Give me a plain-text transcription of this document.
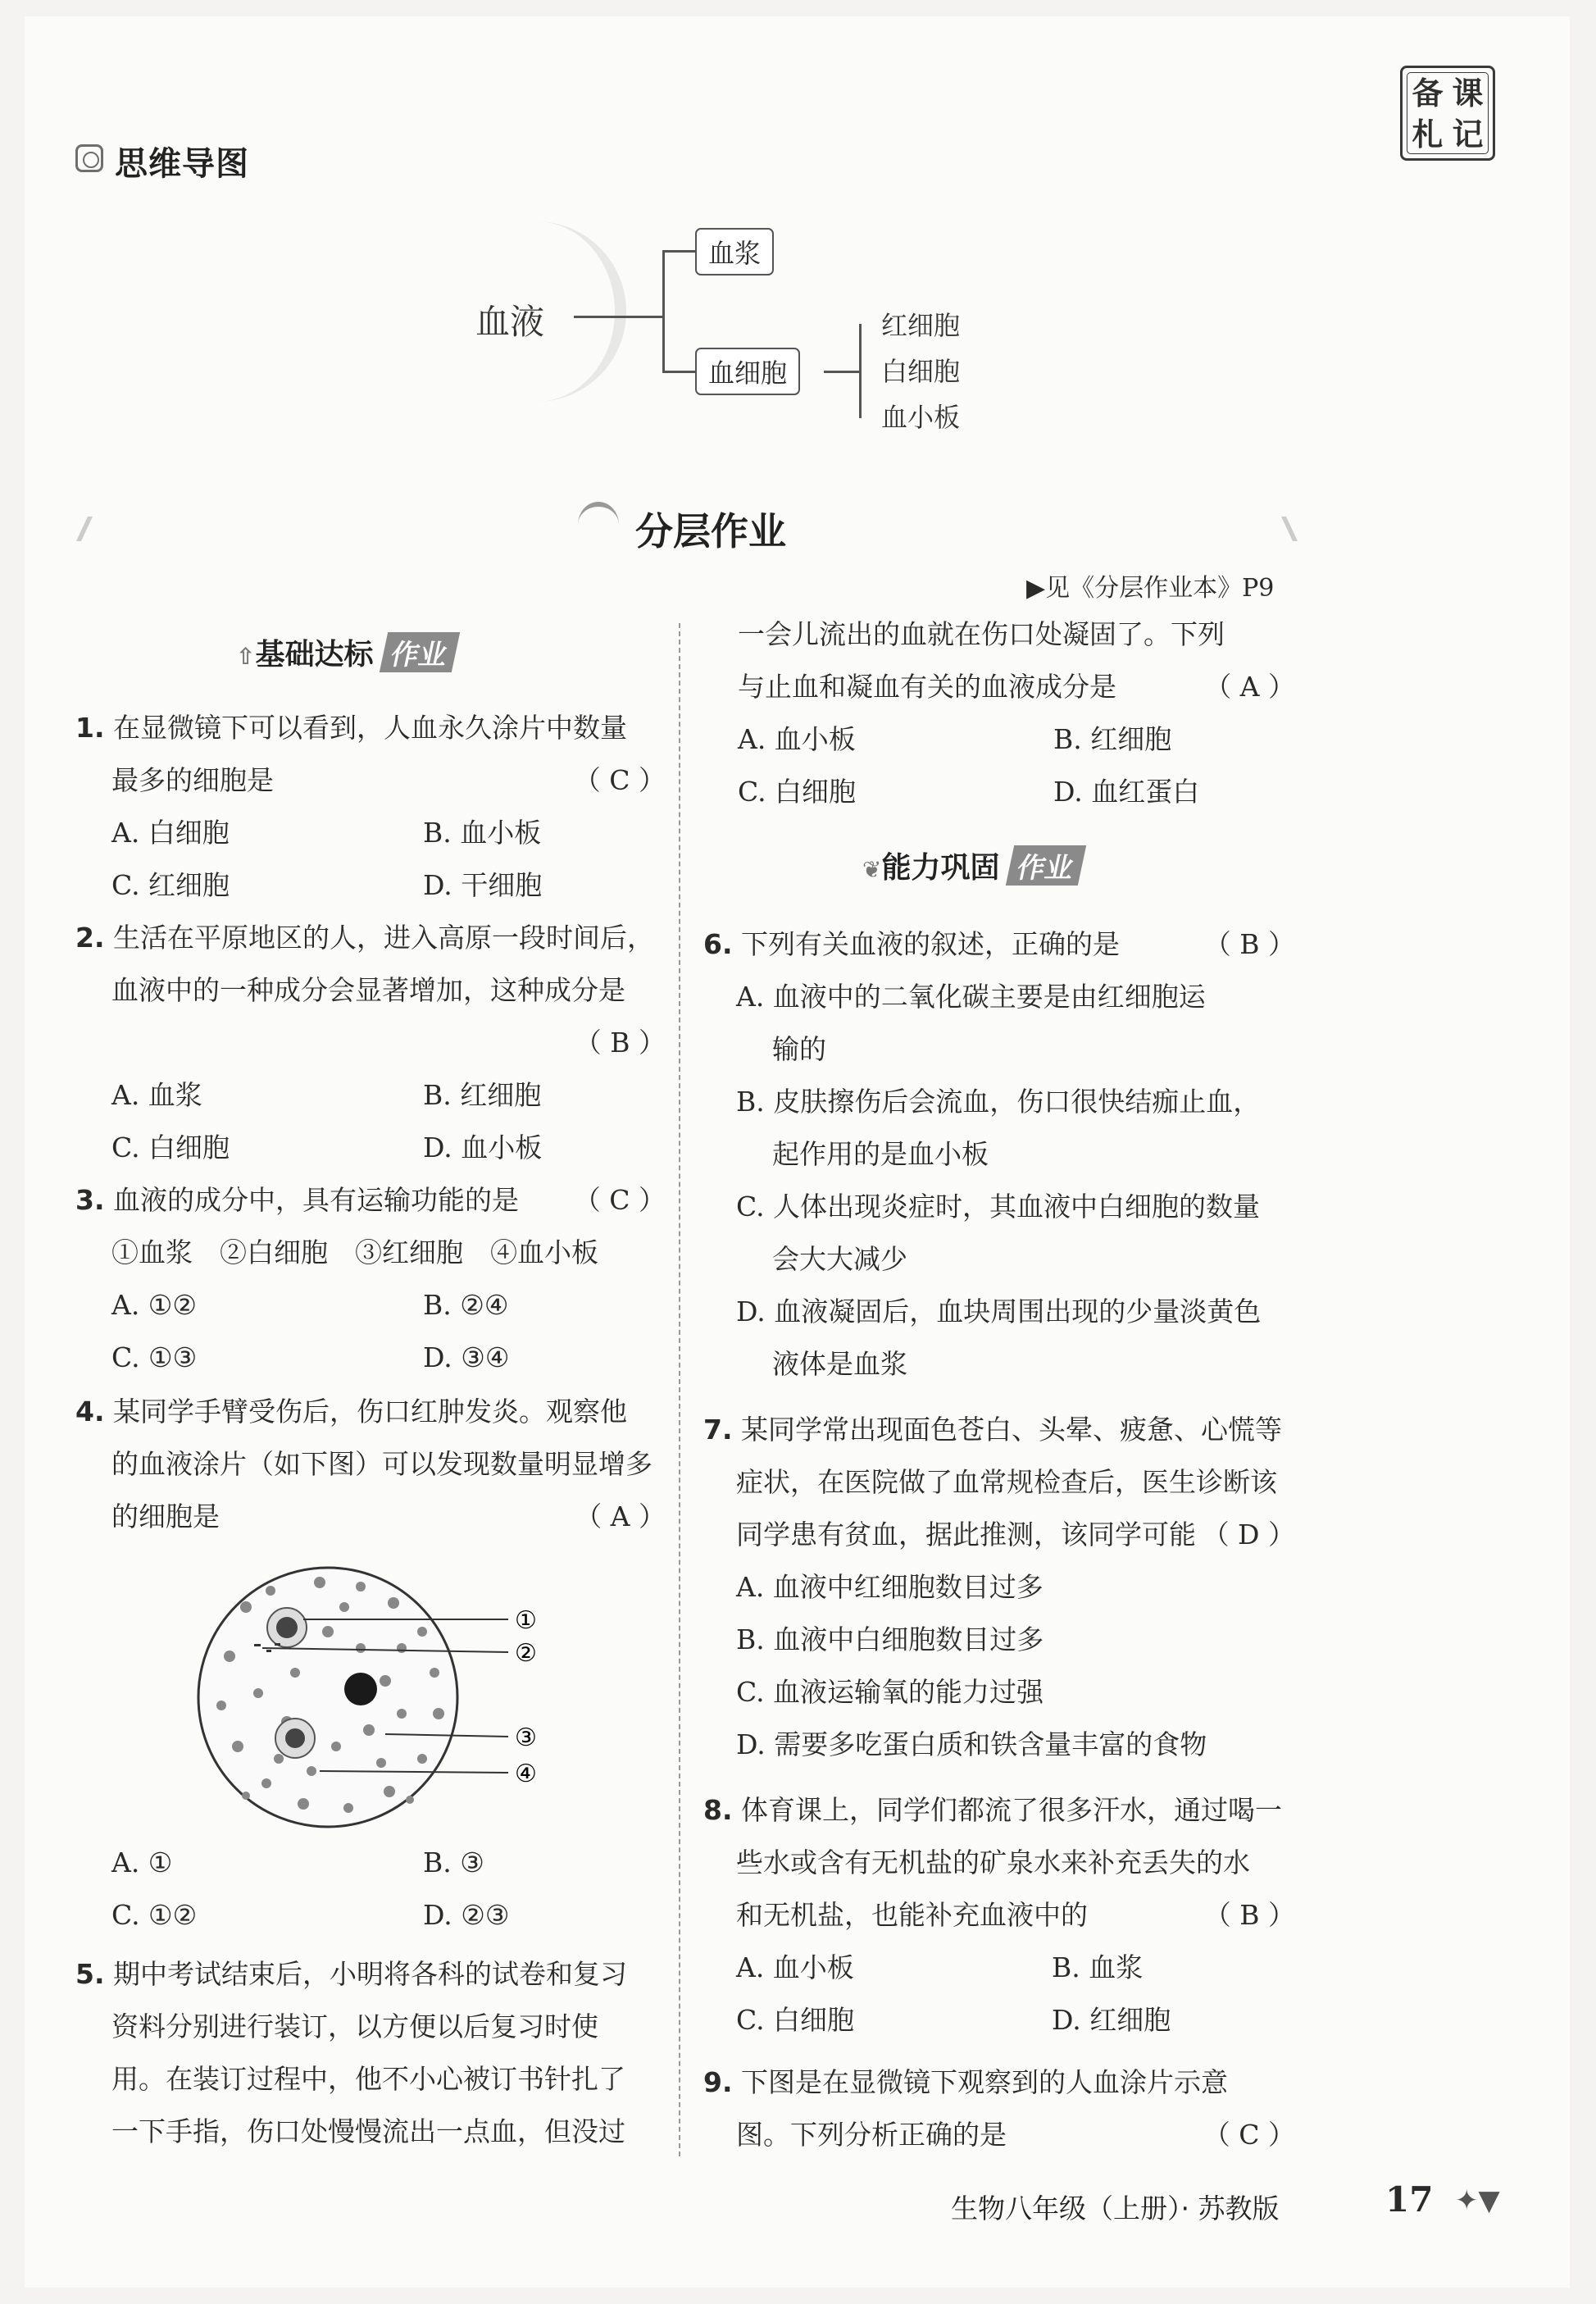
思维导图
备 课
札 记
血液
血浆
血细胞
红细胞
白细胞
血小板
分层作业
▶见《分层作业本》P9
⇧基础达标 作业
1. 在显微镜下可以看到，人血永久涂片中数量
最多的细胞是	（ C ）
A. 白细胞	B. 血小板
C. 红细胞	D. 干细胞
2. 生活在平原地区的人，进入高原一段时间后，
血液中的一种成分会显著增加，这种成分是
（ B ）
A. 血浆	B. 红细胞
C. 白细胞	D. 血小板
3. 血液的成分中，具有运输功能的是 （ C ）
①血浆　②白细胞　③红细胞　④血小板
A. ①②	B. ②④
C. ①③	D. ③④
4. 某同学手臂受伤后，伤口红肿发炎。观察他
的血液涂片（如下图）可以发现数量明显增多
的细胞是	（ A ）
①
②
③
④
A. ①	B. ③
C. ①②	D. ②③
5. 期中考试结束后，小明将各科的试卷和复习
资料分别进行装订，以方便以后复习时使
用。在装订过程中，他不小心被订书针扎了
一下手指，伤口处慢慢流出一点血，但没过
一会儿流出的血就在伤口处凝固了。下列
与止血和凝血有关的血液成分是	（ A ）
A. 血小板	B. 红细胞
C. 白细胞	D. 血红蛋白
❦能力巩固 作业
6. 下列有关血液的叙述，正确的是	（ B ）
A. 血液中的二氧化碳主要是由红细胞运
输的
B. 皮肤擦伤后会流血，伤口很快结痂止血，
起作用的是血小板
C. 人体出现炎症时，其血液中白细胞的数量
会大大减少
D. 血液凝固后，血块周围出现的少量淡黄色
液体是血浆
7. 某同学常出现面色苍白、头晕、疲惫、心慌等
症状，在医院做了血常规检查后，医生诊断该
同学患有贫血，据此推测，该同学可能 （ D ）
A. 血液中红细胞数目过多
B. 血液中白细胞数目过多
C. 血液运输氧的能力过强
D. 需要多吃蛋白质和铁含量丰富的食物
8. 体育课上，同学们都流了很多汗水，通过喝一
些水或含有无机盐的矿泉水来补充丢失的水
和无机盐，也能补充血液中的	（ B ）
A. 血小板	B. 血浆
C. 白细胞	D. 红细胞
9. 下图是在显微镜下观察到的人血涂片示意
图。下列分析正确的是	（ C ）
生物八年级（上册）· 苏教版	17 ✦▼
